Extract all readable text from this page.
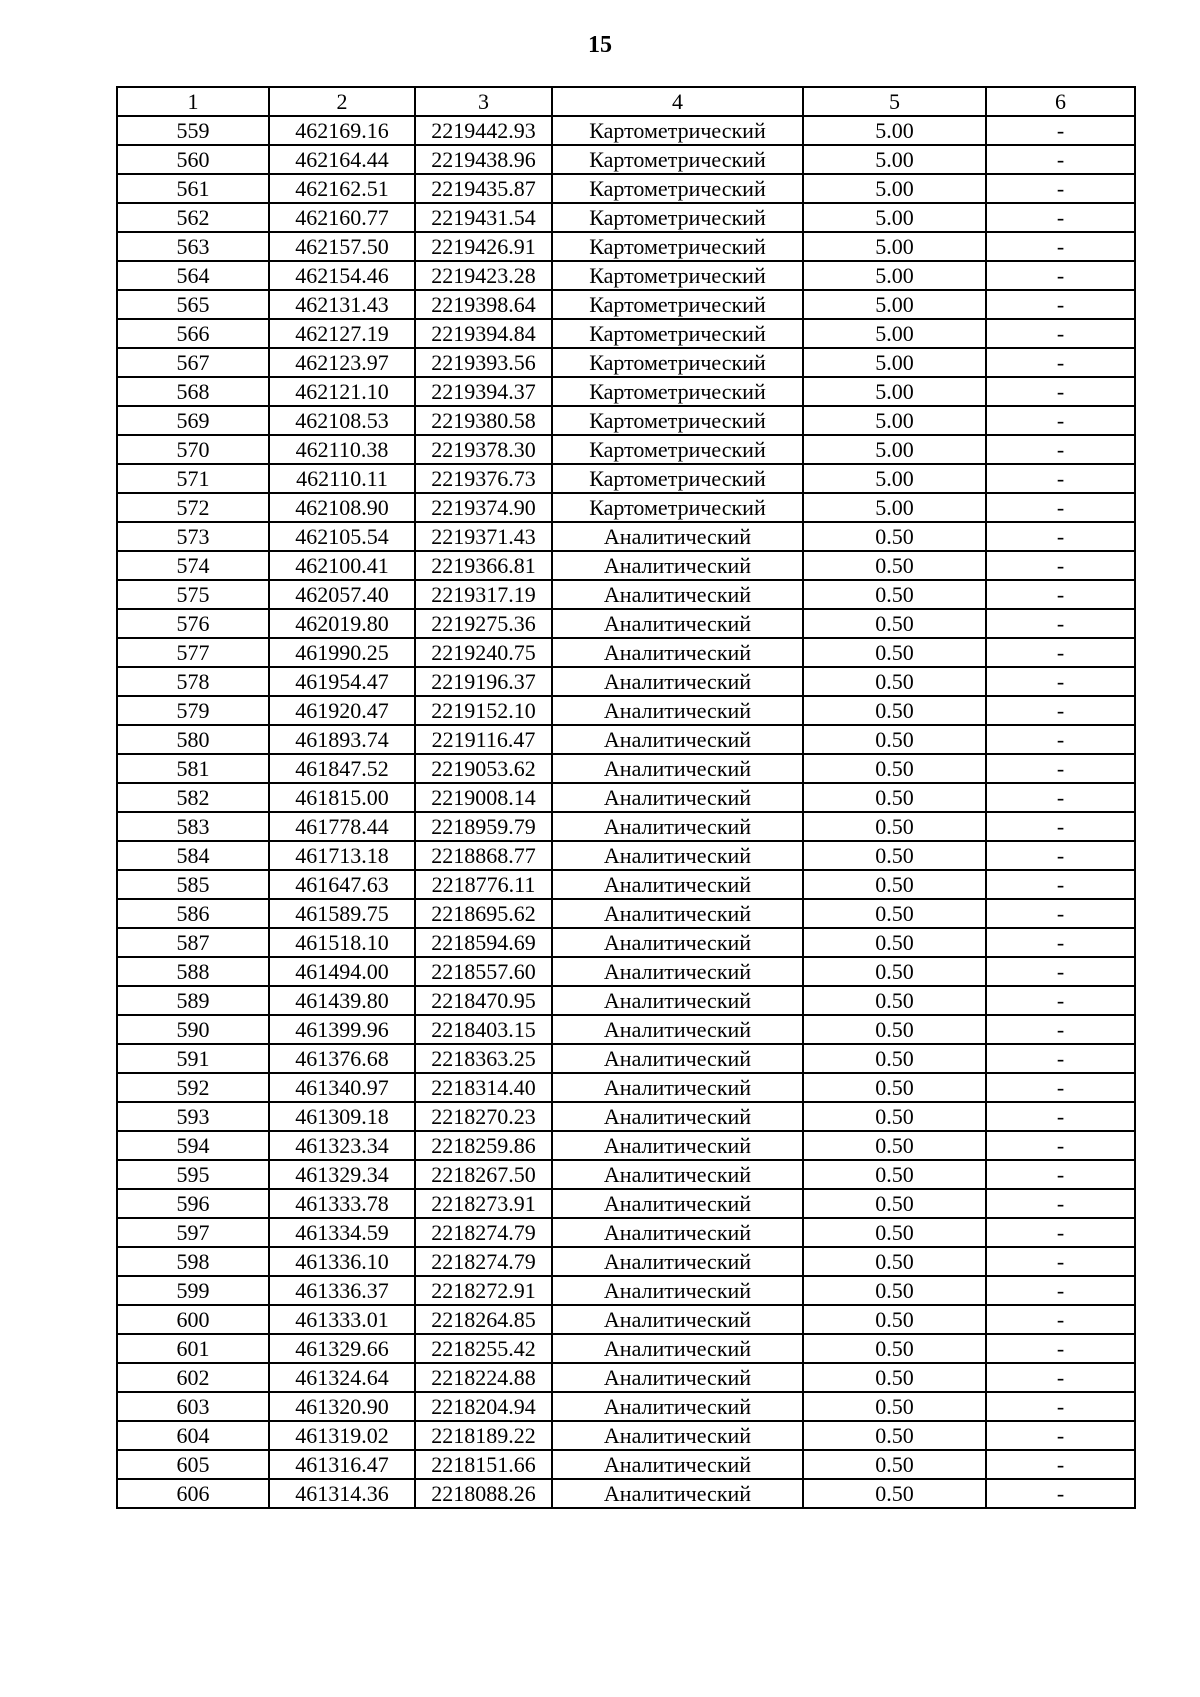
15
1	2	3	4	5	6
559	462169.16	2219442.93	Картометрический	5.00	-
560	462164.44	2219438.96	Картометрический	5.00	-
561	462162.51	2219435.87	Картометрический	5.00	-
562	462160.77	2219431.54	Картометрический	5.00	-
563	462157.50	2219426.91	Картометрический	5.00	-
564	462154.46	2219423.28	Картометрический	5.00	-
565	462131.43	2219398.64	Картометрический	5.00	-
566	462127.19	2219394.84	Картометрический	5.00	-
567	462123.97	2219393.56	Картометрический	5.00	-
568	462121.10	2219394.37	Картометрический	5.00	-
569	462108.53	2219380.58	Картометрический	5.00	-
570	462110.38	2219378.30	Картометрический	5.00	-
571	462110.11	2219376.73	Картометрический	5.00	-
572	462108.90	2219374.90	Картометрический	5.00	-
573	462105.54	2219371.43	Аналитический	0.50	-
574	462100.41	2219366.81	Аналитический	0.50	-
575	462057.40	2219317.19	Аналитический	0.50	-
576	462019.80	2219275.36	Аналитический	0.50	-
577	461990.25	2219240.75	Аналитический	0.50	-
578	461954.47	2219196.37	Аналитический	0.50	-
579	461920.47	2219152.10	Аналитический	0.50	-
580	461893.74	2219116.47	Аналитический	0.50	-
581	461847.52	2219053.62	Аналитический	0.50	-
582	461815.00	2219008.14	Аналитический	0.50	-
583	461778.44	2218959.79	Аналитический	0.50	-
584	461713.18	2218868.77	Аналитический	0.50	-
585	461647.63	2218776.11	Аналитический	0.50	-
586	461589.75	2218695.62	Аналитический	0.50	-
587	461518.10	2218594.69	Аналитический	0.50	-
588	461494.00	2218557.60	Аналитический	0.50	-
589	461439.80	2218470.95	Аналитический	0.50	-
590	461399.96	2218403.15	Аналитический	0.50	-
591	461376.68	2218363.25	Аналитический	0.50	-
592	461340.97	2218314.40	Аналитический	0.50	-
593	461309.18	2218270.23	Аналитический	0.50	-
594	461323.34	2218259.86	Аналитический	0.50	-
595	461329.34	2218267.50	Аналитический	0.50	-
596	461333.78	2218273.91	Аналитический	0.50	-
597	461334.59	2218274.79	Аналитический	0.50	-
598	461336.10	2218274.79	Аналитический	0.50	-
599	461336.37	2218272.91	Аналитический	0.50	-
600	461333.01	2218264.85	Аналитический	0.50	-
601	461329.66	2218255.42	Аналитический	0.50	-
602	461324.64	2218224.88	Аналитический	0.50	-
603	461320.90	2218204.94	Аналитический	0.50	-
604	461319.02	2218189.22	Аналитический	0.50	-
605	461316.47	2218151.66	Аналитический	0.50	-
606	461314.36	2218088.26	Аналитический	0.50	-
